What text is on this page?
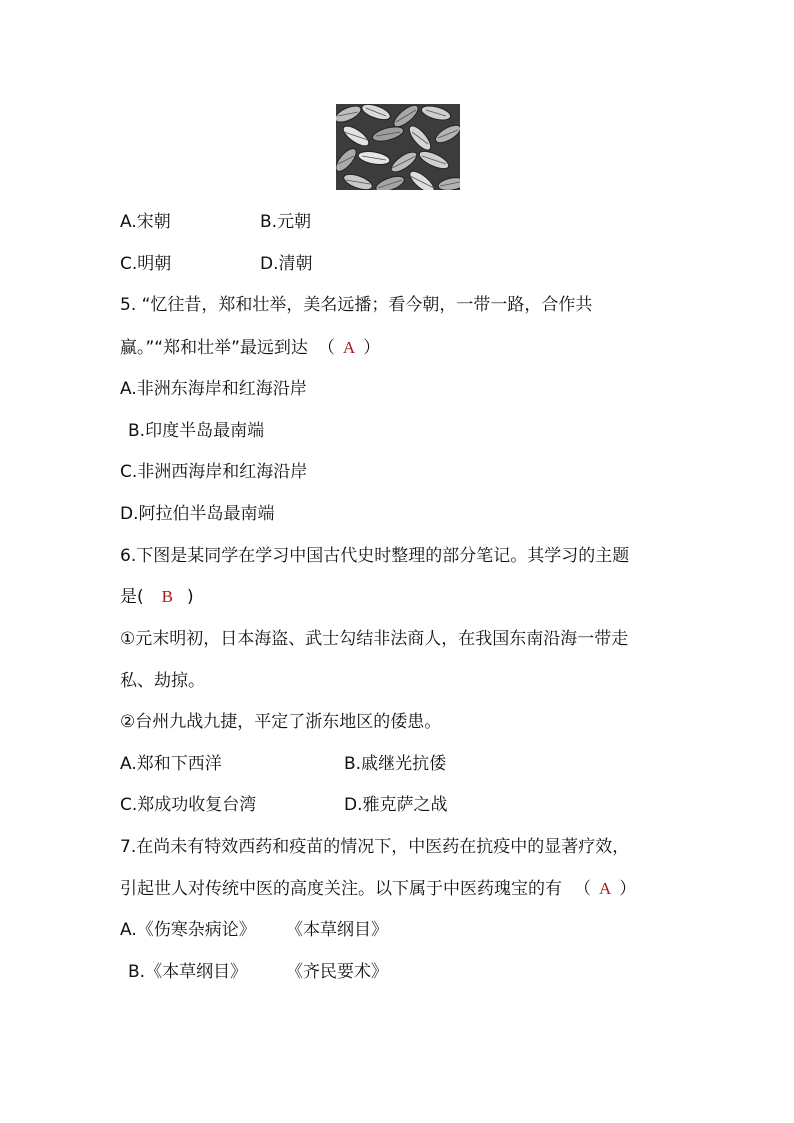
A.宋朝	B.元朝
C.明朝	D.清朝
5. “忆往昔，郑和壮举，美名远播；看今朝，一带一路，合作共
赢。”“郑和壮举”最远到达 （ A ）
A.非洲东海岸和红海沿岸
B.印度半岛最南端
C.非洲西海岸和红海沿岸
D.阿拉伯半岛最南端
6.下图是某同学在学习中国古代史时整理的部分笔记。其学习的主题
是( B )
①元末明初，日本海盗、武士勾结非法商人，在我国东南沿海一带走
私、劫掠。
②台州九战九捷，平定了浙东地区的倭患。
A.郑和下西洋	B.戚继光抗倭
C.郑成功收复台湾	D.雅克萨之战
7.在尚未有特效西药和疫苗的情况下，中医药在抗疫中的显著疗效，
引起世人对传统中医的高度关注。以下属于中医药瑰宝的有 （ A ）
A.《伤寒杂病论》 《本草纲目》
B.《本草纲目》 《齐民要术》
